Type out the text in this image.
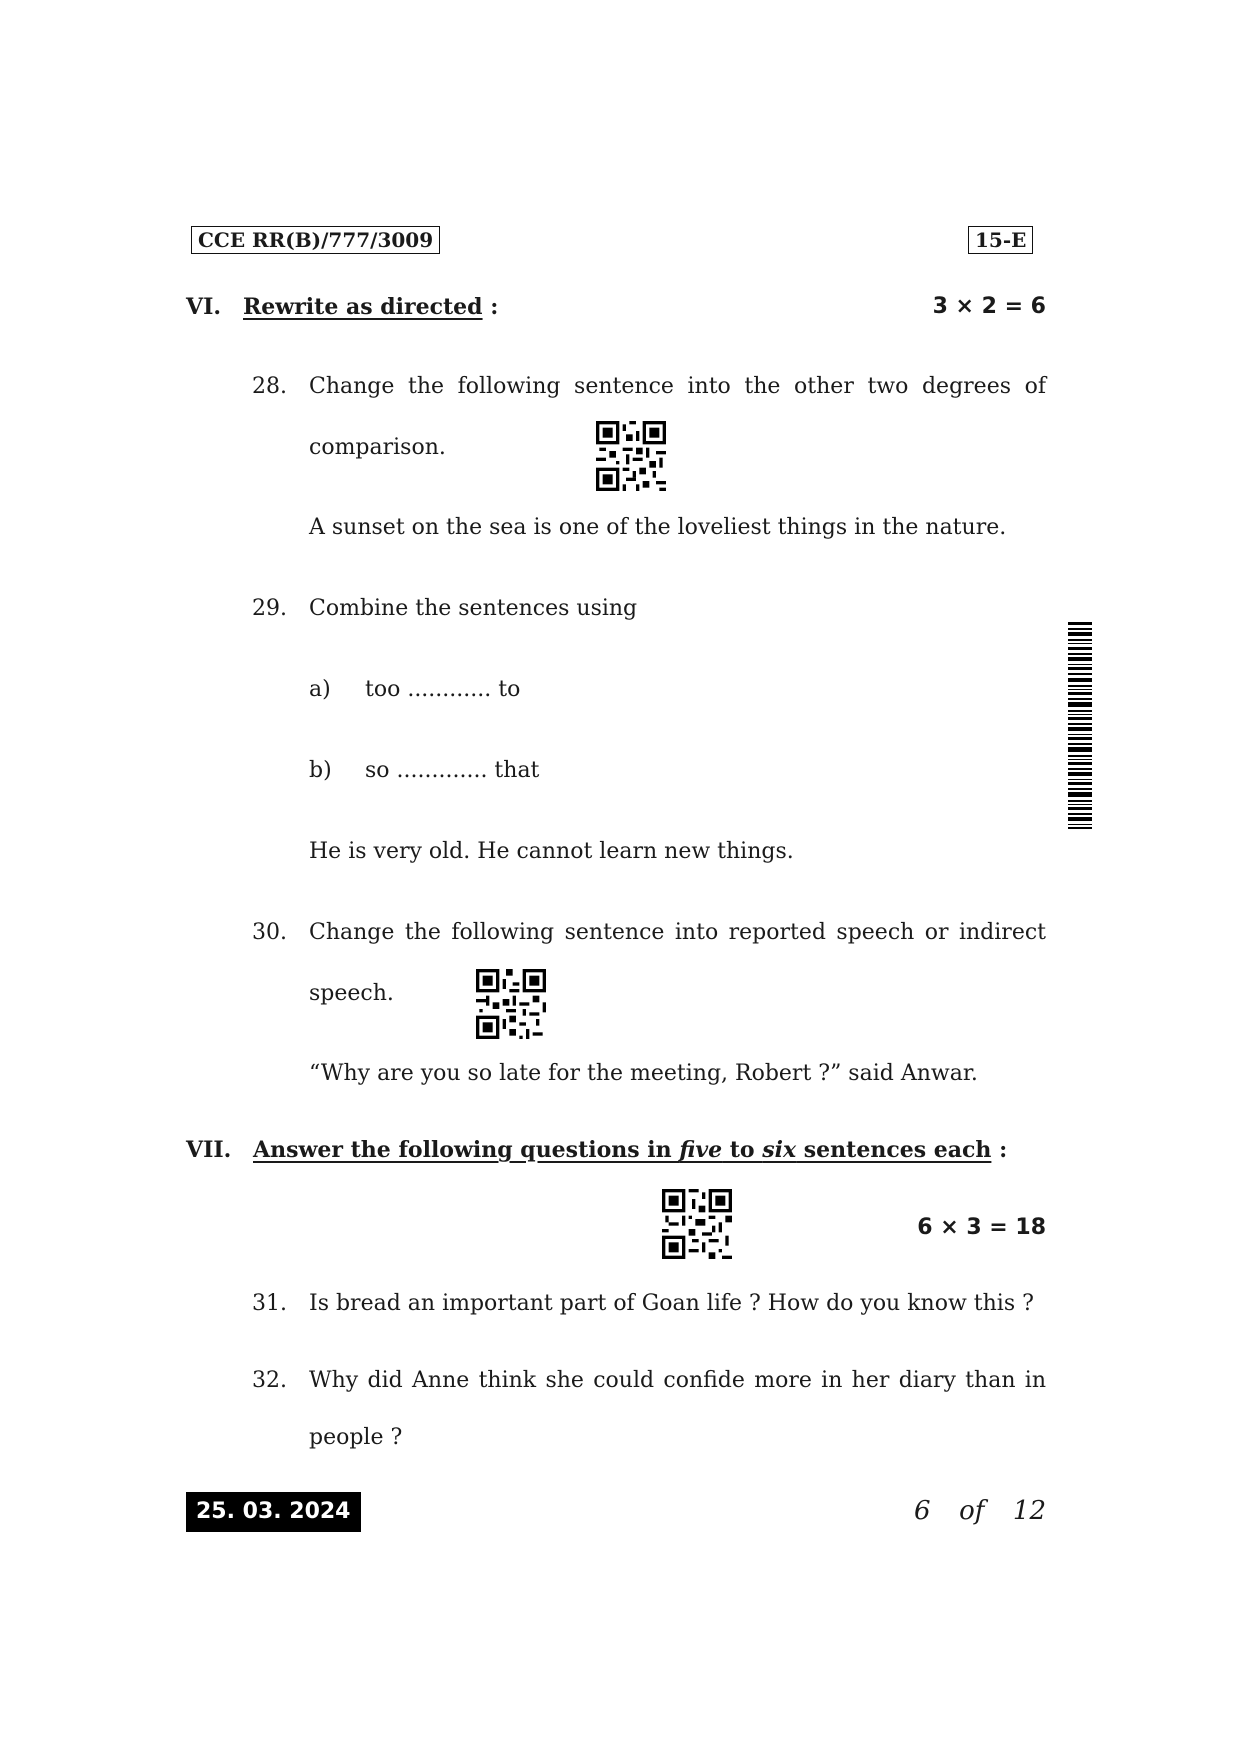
CCE RR(B)/777/3009	15-E
VI. Rewrite as directed :	3 × 2 = 6
28. Change the following sentence into the other two degrees of
comparison.
A sunset on the sea is one of the loveliest things in the nature.
29. Combine the sentences using
a) too ............ to
b) so ............. that
He is very old. He cannot learn new things.
30. Change the following sentence into reported speech or indirect
speech.
“Why are you so late for the meeting, Robert ?” said Anwar.
VII. Answer the following questions in five to six sentences each :
6 × 3 = 18
31. Is bread an important part of Goan life ? How do you know this ?
32. Why did Anne think she could confide more in her diary than in
people ?
25. 03. 2024	6  of  12
